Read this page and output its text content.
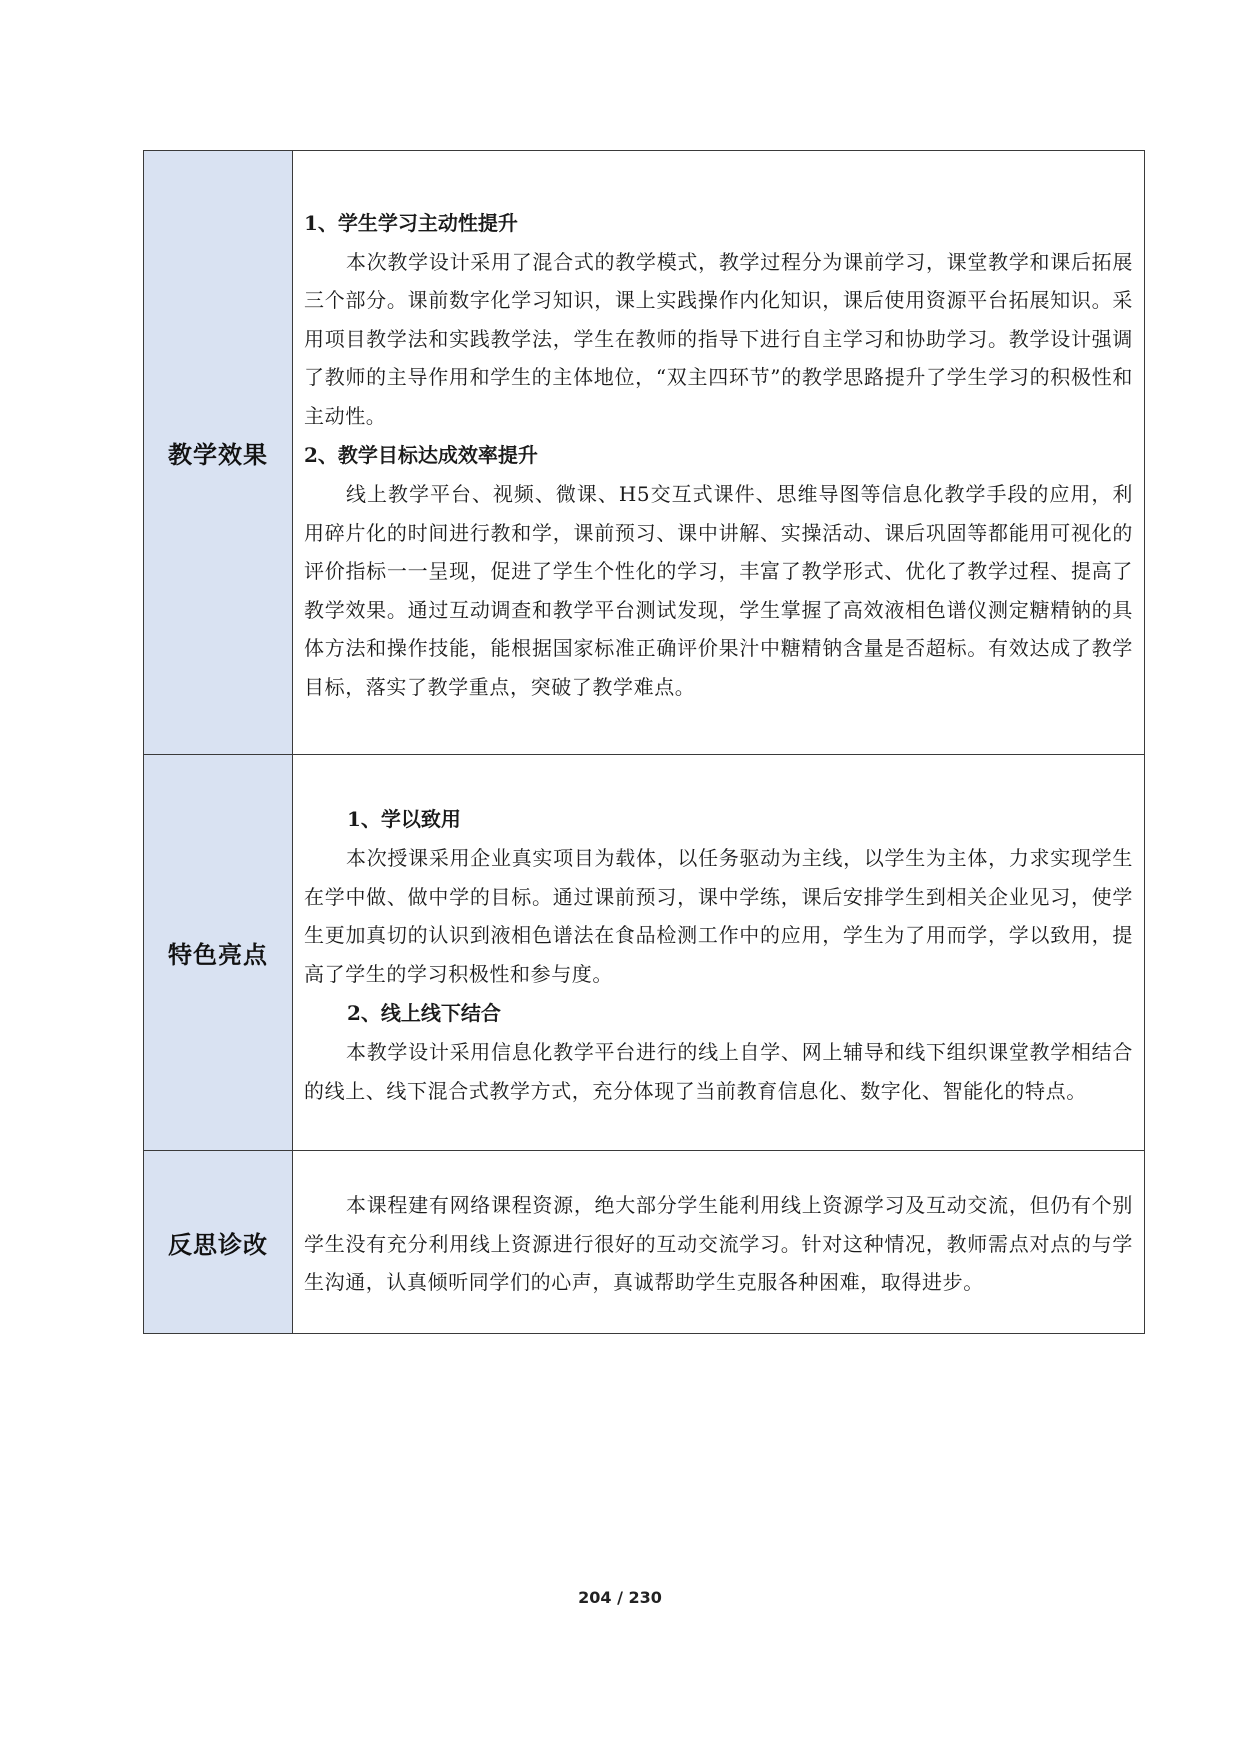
教学效果	1、学生学习主动性提升

本次教学设计采用了混合式的教学模式，教学过程分为课前学习，课堂教学和课后拓展三个部分。课前数字化学习知识，课上实践操作内化知识，课后使用资源平台拓展知识。采用项目教学法和实践教学法，学生在教师的指导下进行自主学习和协助学习。教学设计强调了教师的主导作用和学生的主体地位，“双主四环节”的教学思路提升了学生学习的积极性和主动性。

2、教学目标达成效率提升

线上教学平台、视频、微课、H5交互式课件、思维导图等信息化教学手段的应用，利用碎片化的时间进行教和学，课前预习、课中讲解、实操活动、课后巩固等都能用可视化的评价指标一一呈现，促进了学生个性化的学习，丰富了教学形式、优化了教学过程、提高了教学效果。通过互动调查和教学平台测试发现，学生掌握了高效液相色谱仪测定糖精钠的具体方法和操作技能，能根据国家标准正确评价果汁中糖精钠含量是否超标。有效达成了教学目标，落实了教学重点，突破了教学难点。

特色亮点	1、学以致用

本次授课采用企业真实项目为载体，以任务驱动为主线，以学生为主体，力求实现学生在学中做、做中学的目标。通过课前预习，课中学练，课后安排学生到相关企业见习，使学生更加真切的认识到液相色谱法在食品检测工作中的应用，学生为了用而学，学以致用，提高了学生的学习积极性和参与度。

2、线上线下结合

本教学设计采用信息化教学平台进行的线上自学、网上辅导和线下组织课堂教学相结合的线上、线下混合式教学方式，充分体现了当前教育信息化、数字化、智能化的特点。

反思诊改	本课程建有网络课程资源，绝大部分学生能利用线上资源学习及互动交流，但仍有个别学生没有充分利用线上资源进行很好的互动交流学习。针对这种情况，教师需点对点的与学生沟通，认真倾听同学们的心声，真诚帮助学生克服各种困难，取得进步。

204 / 230
